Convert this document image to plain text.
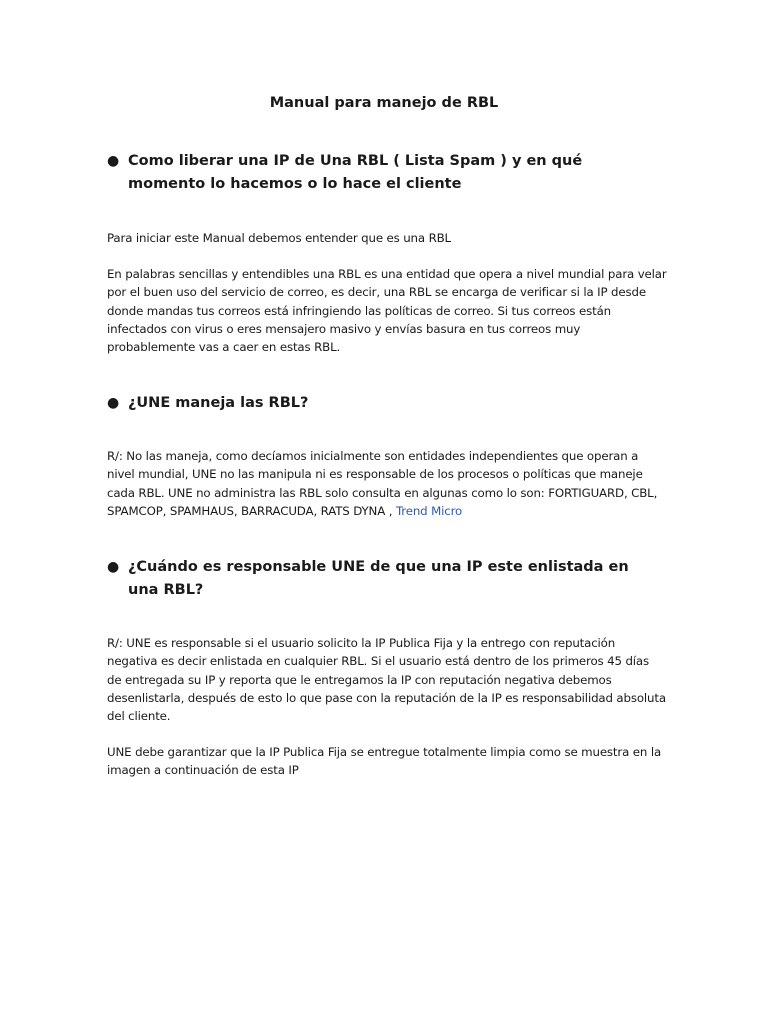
Manual para manejo de RBL
● Como liberar una IP de Una RBL ( Lista Spam ) y en qué momento lo hacemos o lo hace el cliente
Para iniciar este Manual debemos entender que es una RBL
En palabras sencillas y entendibles una RBL es una entidad que opera a nivel mundial para velar por el buen uso del servicio de correo, es decir, una RBL se encarga de verificar si la IP desde donde mandas tus correos está infringiendo las políticas de correo. Si tus correos están infectados con virus o eres mensajero masivo y envías basura en tus correos muy probablemente vas a caer en estas RBL.
● ¿UNE maneja las RBL?
R/: No las maneja, como decíamos inicialmente son entidades independientes que operan a nivel mundial, UNE no las manipula ni es responsable de los procesos o políticas que maneje cada RBL. UNE no administra las RBL solo consulta en algunas como lo son: FORTIGUARD, CBL, SPAMCOP, SPAMHAUS, BARRACUDA, RATS DYNA , Trend Micro
● ¿Cuándo es responsable UNE de que una IP este enlistada en una RBL?
R/: UNE es responsable si el usuario solicito la IP Publica Fija y la entrego con reputación negativa es decir enlistada en cualquier RBL. Si el usuario está dentro de los primeros 45 días de entregada su IP y reporta que le entregamos la IP con reputación negativa debemos desenlistarla, después de esto lo que pase con la reputación de la IP es responsabilidad absoluta del cliente.
UNE debe garantizar que la IP Publica Fija se entregue totalmente limpia como se muestra en la imagen a continuación de esta IP
